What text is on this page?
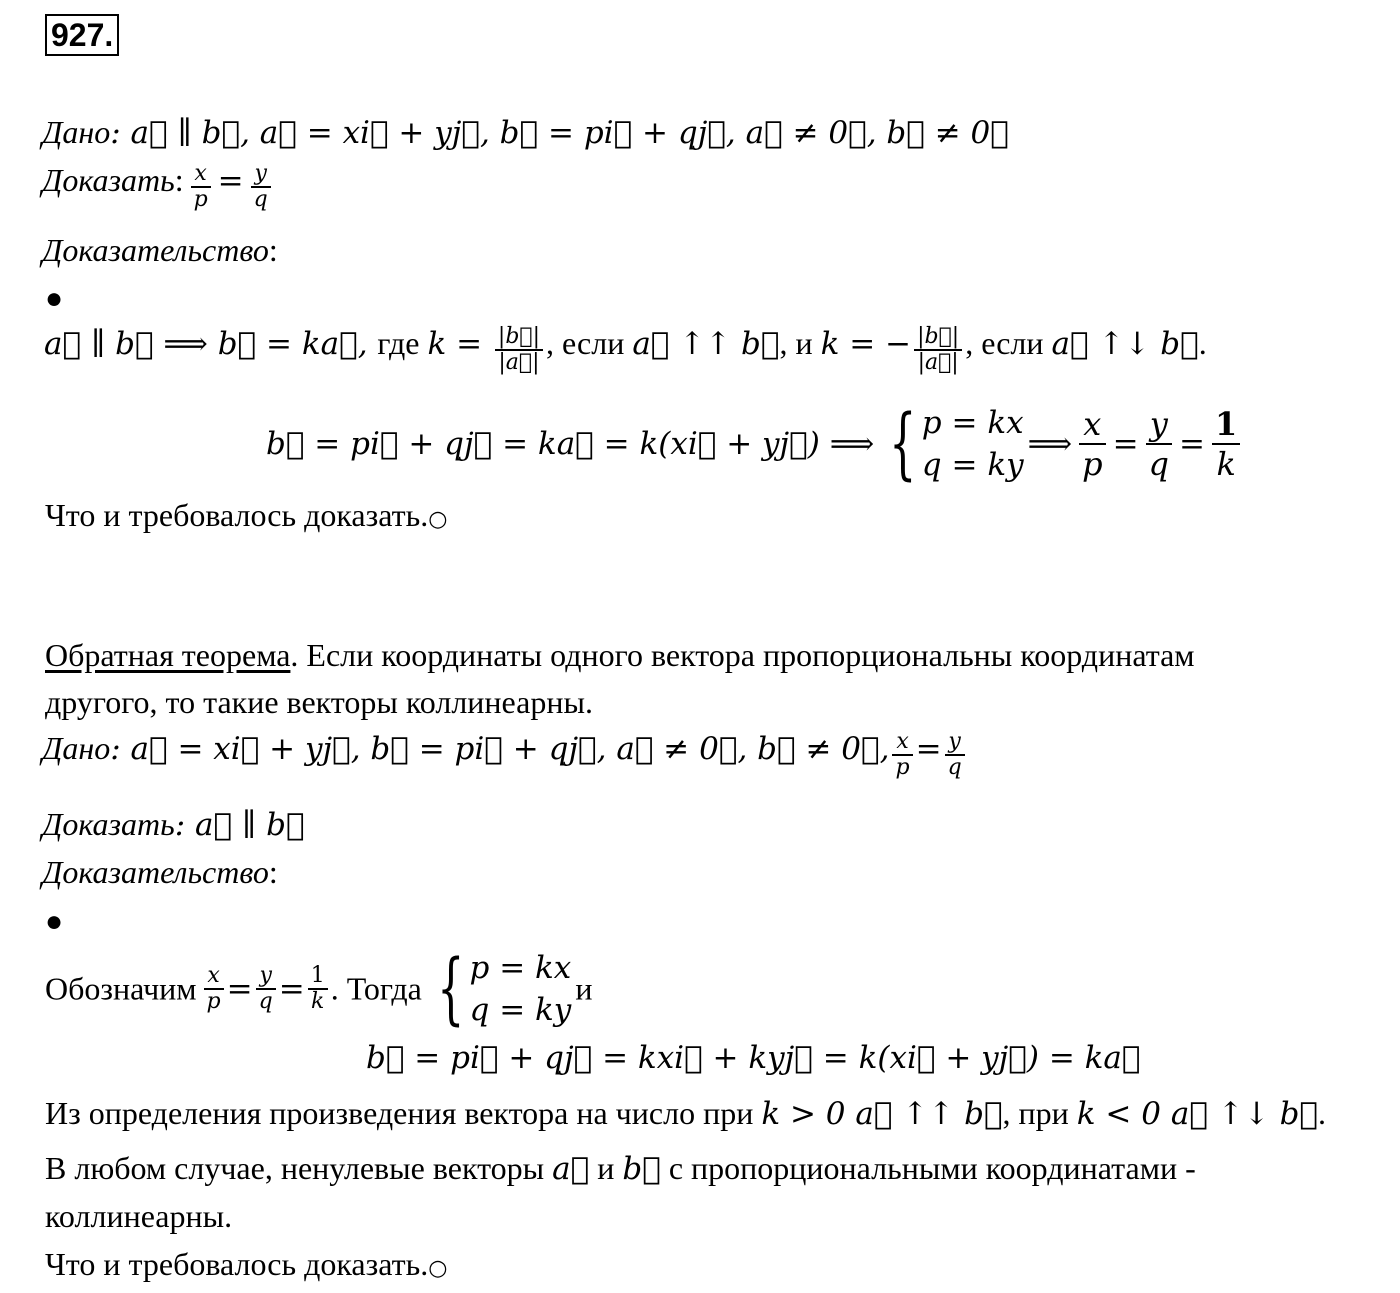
927.
Дано: a⃗ ∥ b⃗, a⃗ = xi⃗ + yj⃗, b⃗ = pi⃗ + qj⃗, a⃗ ≠ 0⃗, b⃗ ≠ 0⃗
Доказать: $\frac{x}{p} = \frac{y}{q}$
Доказательство:
●
a⃗ ∥ b⃗ ⟹ b⃗ = ka⃗, где $k = \frac{|b⃗|}{|a⃗|}$ , если a⃗ ↑↑ b⃗, и k = − $\frac{|b⃗|}{|a⃗|}$ , если a⃗ ↑↓ b⃗.
b⃗ = pi⃗ + qj⃗ = ka⃗ = k(xi⃗ + yj⃗) ⟹ { p = kx
q = ky
⟹ $\frac{x}{p} = \frac{y}{q} = \frac{1}{k}$
Что и требовалось доказать.○
Обратная теорема. Если координаты одного вектора пропорциональны координатам
другого, то такие векторы коллинеарны.
Дано: a⃗ = xi⃗ + yj⃗, b⃗ = pi⃗ + qj⃗, a⃗ ≠ 0⃗, b⃗ ≠ 0⃗, $\frac{x}{p} = \frac{y}{q}$
Доказать: a⃗ ∥ b⃗
Доказательство:
●
Обозначим $\frac{x}{p} = \frac{y}{q} = \frac{1}{k}$ . Тогда { p = kx
q = ky
и
b⃗ = pi⃗ + qj⃗ = kxi⃗ + kyj⃗ = k(xi⃗ + yj⃗) = ka⃗
Из определения произведения вектора на число при k > 0 a⃗ ↑↑ b⃗, при k < 0 a⃗ ↑↓ b⃗.
В любом случае, ненулевые векторы a⃗ и b⃗ с пропорциональными координатами -
коллинеарны.
Что и требовалось доказать.○
